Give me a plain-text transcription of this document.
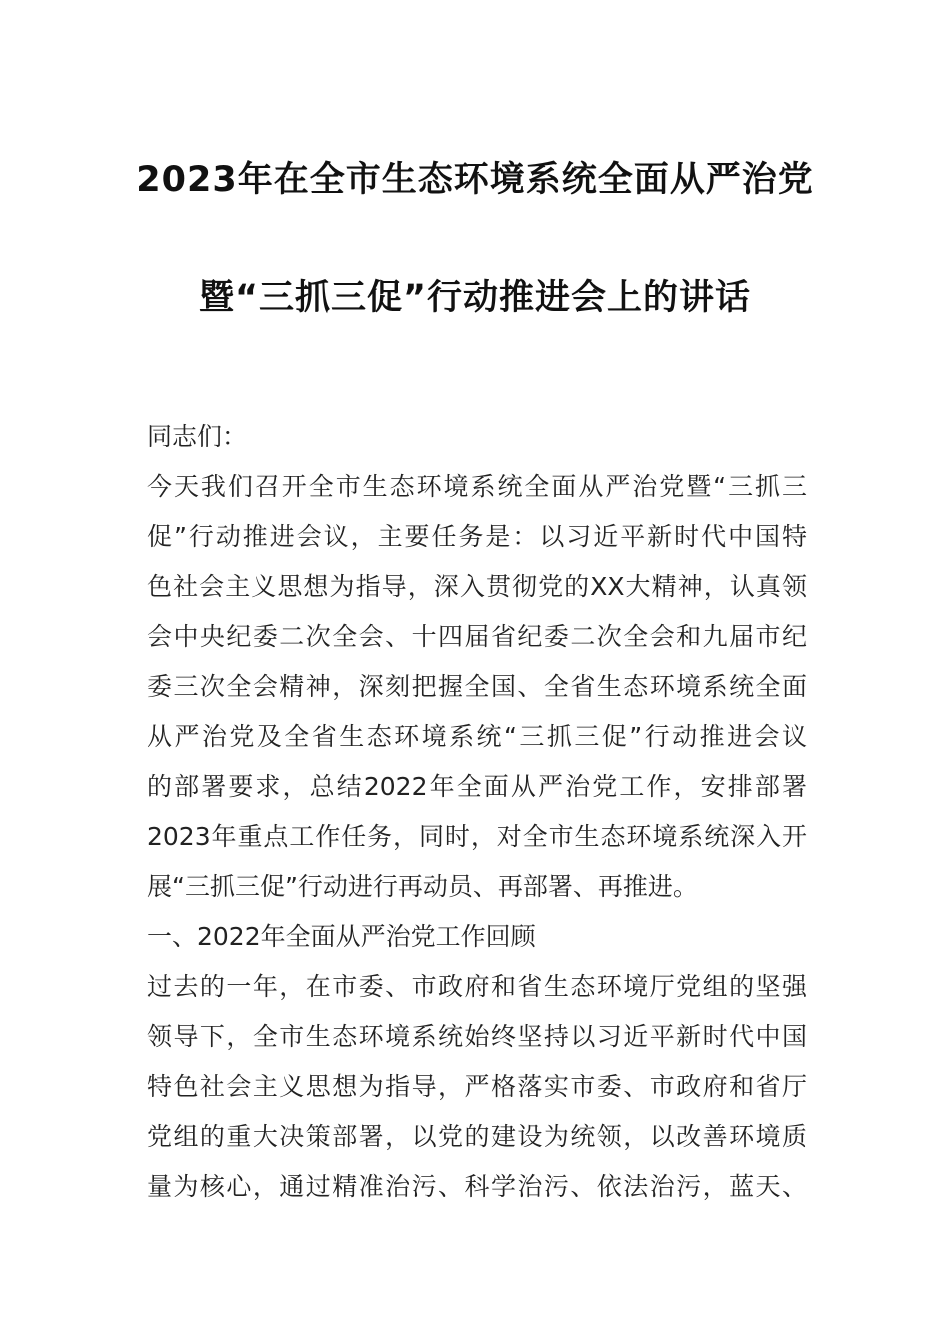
2023年在全市生态环境系统全面从严治党
暨“三抓三促”行动推进会上的讲话
同志们：
今天我们召开全市生态环境系统全面从严治党暨“三抓三
促”行动推进会议，主要任务是：以习近平新时代中国特
色社会主义思想为指导，深入贯彻党的XX大精神，认真领
会中央纪委二次全会、十四届省纪委二次全会和九届市纪
委三次全会精神，深刻把握全国、全省生态环境系统全面
从严治党及全省生态环境系统“三抓三促”行动推进会议
的部署要求，总结2022年全面从严治党工作，安排部署
2023年重点工作任务，同时，对全市生态环境系统深入开
展“三抓三促”行动进行再动员、再部署、再推进。
一、2022年全面从严治党工作回顾
过去的一年，在市委、市政府和省生态环境厅党组的坚强
领导下，全市生态环境系统始终坚持以习近平新时代中国
特色社会主义思想为指导，严格落实市委、市政府和省厅
党组的重大决策部署，以党的建设为统领，以改善环境质
量为核心，通过精准治污、科学治污、依法治污，蓝天、
